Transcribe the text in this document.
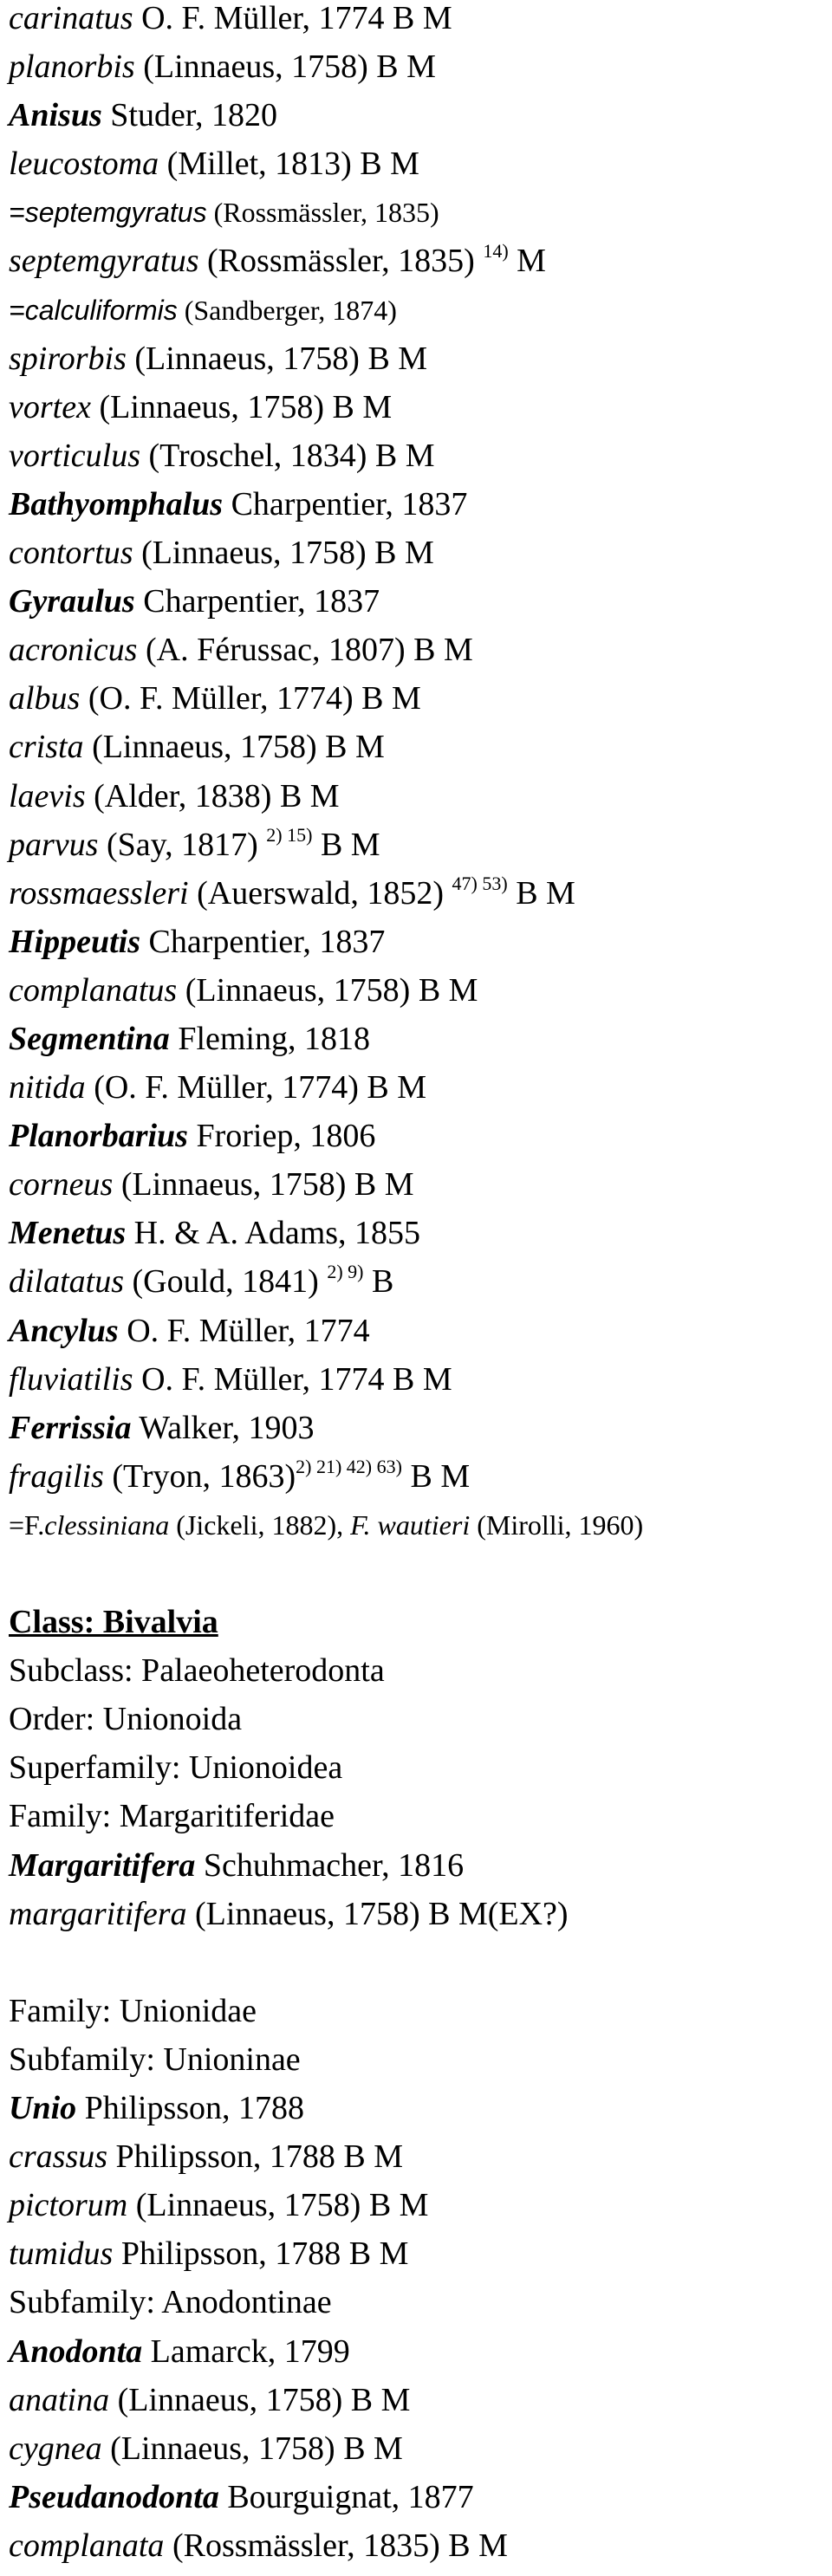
carinatus O. F. Müller, 1774 B M
planorbis (Linnaeus, 1758) B M
Anisus Studer, 1820
leucostoma (Millet, 1813) B M
=septemgyratus (Rossmässler, 1835)
septemgyratus (Rossmässler, 1835) $^{14)}$ M
=calculiformis (Sandberger, 1874)
spirorbis (Linnaeus, 1758) B M
vortex (Linnaeus, 1758) B M
vorticulus (Troschel, 1834) B M
Bathyomphalus Charpentier, 1837
contortus (Linnaeus, 1758) B M
Gyraulus Charpentier, 1837
acronicus (A. Férussac, 1807) B M
albus (O. F. Müller, 1774) B M
crista (Linnaeus, 1758) B M
laevis (Alder, 1838) B M
parvus (Say, 1817) $^{2) 15)}$ B M
rossmaessleri (Auerswald, 1852) $^{47) 53)}$ B M
Hippeutis Charpentier, 1837
complanatus (Linnaeus, 1758) B M
Segmentina Fleming, 1818
nitida (O. F. Müller, 1774) B M
Planorbarius Froriep, 1806
corneus (Linnaeus, 1758) B M
Menetus H. & A. Adams, 1855
dilatatus (Gould, 1841) $^{2) 9)}$ B
Ancylus O. F. Müller, 1774
fluviatilis O. F. Müller, 1774 B M
Ferrissia Walker, 1903
fragilis (Tryon, 1863)$^{2) 21) 42) 63)}$ B M
=F.clessiniana (Jickeli, 1882), F. wautieri (Mirolli, 1960)
Class: Bivalvia
Subclass: Palaeoheterodonta
Order: Unionoida
Superfamily: Unionoidea
Family: Margaritiferidae
Margaritifera Schuhmacher, 1816
margaritifera (Linnaeus, 1758) B M(EX?)
Family: Unionidae
Subfamily: Unioninae
Unio Philipsson, 1788
crassus Philipsson, 1788 B M
pictorum (Linnaeus, 1758) B M
tumidus Philipsson, 1788 B M
Subfamily: Anodontinae
Anodonta Lamarck, 1799
anatina (Linnaeus, 1758) B M
cygnea (Linnaeus, 1758) B M
Pseudanodonta Bourguignat, 1877
complanata (Rossmässler, 1835) B M
